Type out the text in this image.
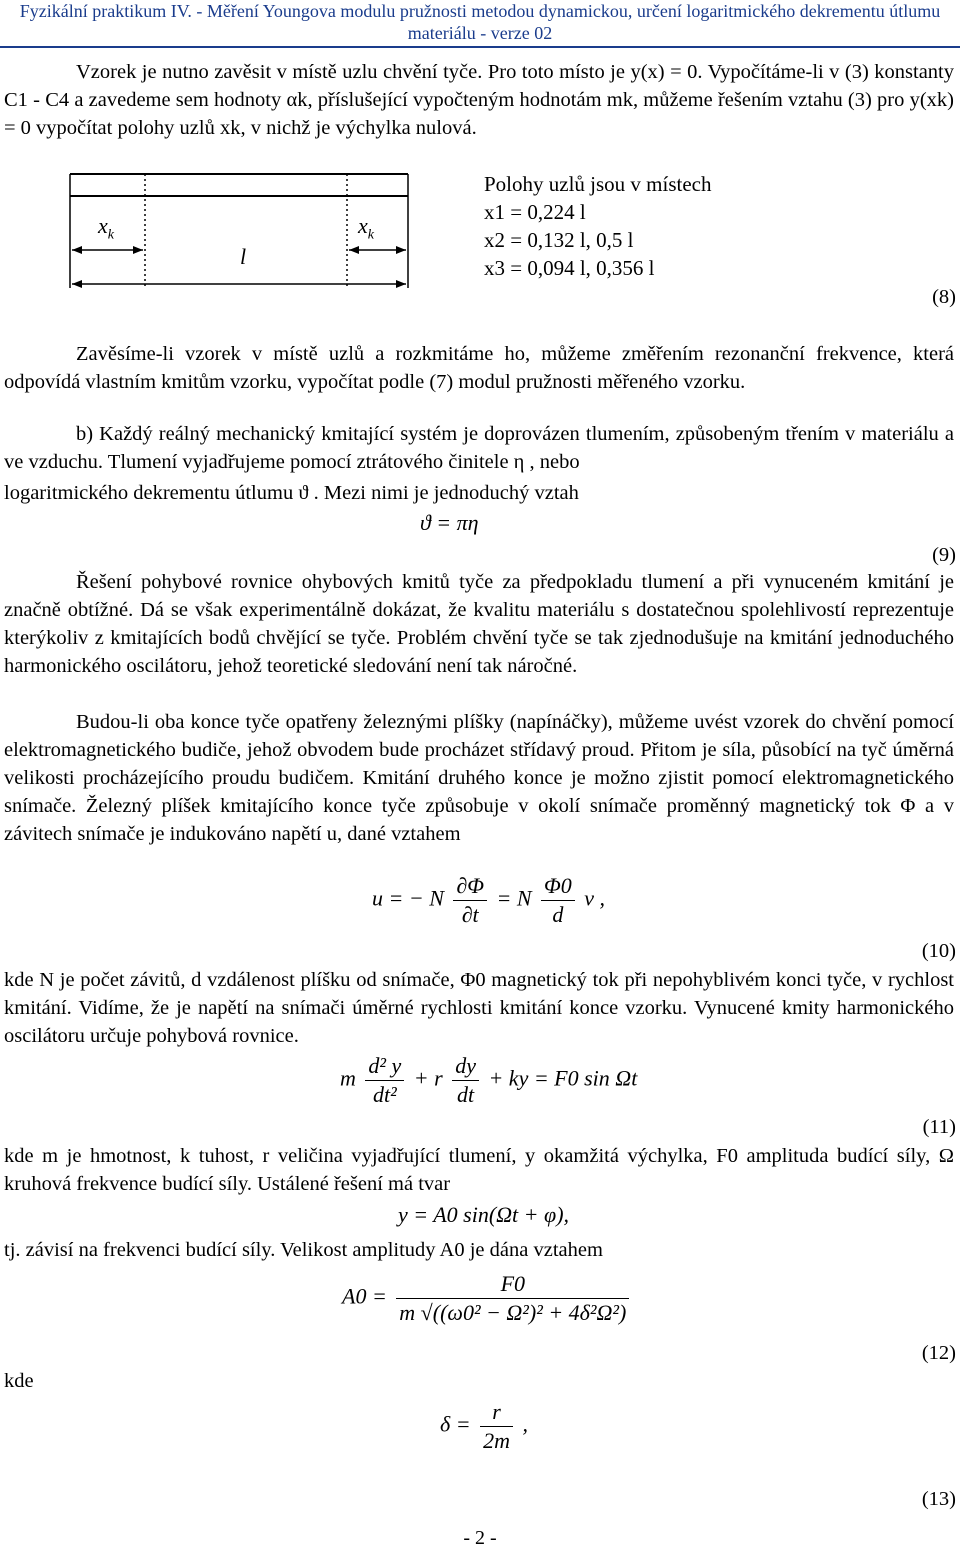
Fyzikální praktikum IV. - Měření Youngova modulu pružnosti metodou dynamickou, určení logaritmického dekrementu útlumu
materiálu - verze 02
Vzorek je nutno zavěsit v místě uzlu chvění tyče. Pro toto místo je y(x) = 0. Vypočítáme-li v (3) konstanty C1 - C4 a zavedeme sem hodnoty αk, příslušející vypočteným hodnotám mk, můžeme řešením vztahu (3) pro y(xk) = 0 vypočítat polohy uzlů xk, v nichž je výchylka nulová.
$x_k$	$x_k$
l
Polohy uzlů jsou v místech
x1 = 0,224 l
x2 = 0,132 l, 0,5 l
x3 = 0,094 l, 0,356 l
(8)
Zavěsíme-li vzorek v místě uzlů a rozkmitáme ho, můžeme změřením rezonanční frekvence, která odpovídá vlastním kmitům vzorku, vypočítat podle (7) modul pružnosti měřeného vzorku.
b) Každý reálný mechanický kmitající systém je doprovázen tlumením, způsobeným třením v materiálu a ve vzduchu. Tlumení vyjadřujeme pomocí ztrátového činitele η , nebo
logaritmického dekrementu útlumu ϑ . Mezi nimi je jednoduchý vztah
ϑ = πη
(9)
Řešení pohybové rovnice ohybových kmitů tyče za předpokladu tlumení a při vynuceném kmitání je značně obtížné. Dá se však experimentálně dokázat, že kvalitu materiálu s dostatečnou spolehlivostí reprezentuje kterýkoliv z kmitajících bodů chvějící se tyče. Problém chvění tyče se tak zjednodušuje na kmitání jednoduchého harmonického oscilátoru, jehož teoretické sledování není tak náročné.
Budou-li oba konce tyče opatřeny železnými plíšky (napínáčky), můžeme uvést vzorek do chvění pomocí elektromagnetického budiče, jehož obvodem bude procházet střídavý proud. Přitom je síla, působící na tyč úměrná velikosti procházejícího proudu budičem. Kmitání druhého konce je možno zjistit pomocí elektromagnetického snímače. Železný plíšek kmitajícího konce tyče způsobuje v okolí snímače proměnný magnetický tok Φ a v závitech snímače je indukováno napětí u, dané vztahem
u = − N $\frac{\partial\Phi}{\partial t} = N \frac{\Phi 0}{d}$ v ,
(10)
kde N je počet závitů, d vzdálenost plíšku od snímače, Φ0 magnetický tok při nepohyblivém konci tyče, v rychlost kmitání. Vidíme, že je napětí na snímači úměrné rychlosti kmitání konce vzorku. Vynucené kmity harmonického oscilátoru určuje pohybová rovnice.
m $\frac{\text{d² y}}{\text{dt²}} + r \frac{dy}{dt}$ + ky = F0 sin Ωt
(11)
kde m je hmotnost, k tuhost, r veličina vyjadřující tlumení, y okamžitá výchylka, F0 amplituda budící síly, Ω kruhová frekvence budící síly. Ustálené řešení má tvar
y = A0 sin(Ωt + φ),
tj. závisí na frekvenci budící síly. Velikost amplitudy A0 je dána vztahem
$A0 = \frac{F0}{\text{m √((ω0² − Ω²)² + 4δ²Ω²)}}$
(12)
kde
$\delta = \frac{r}{2m}$ ,
(13)
- 2 -
